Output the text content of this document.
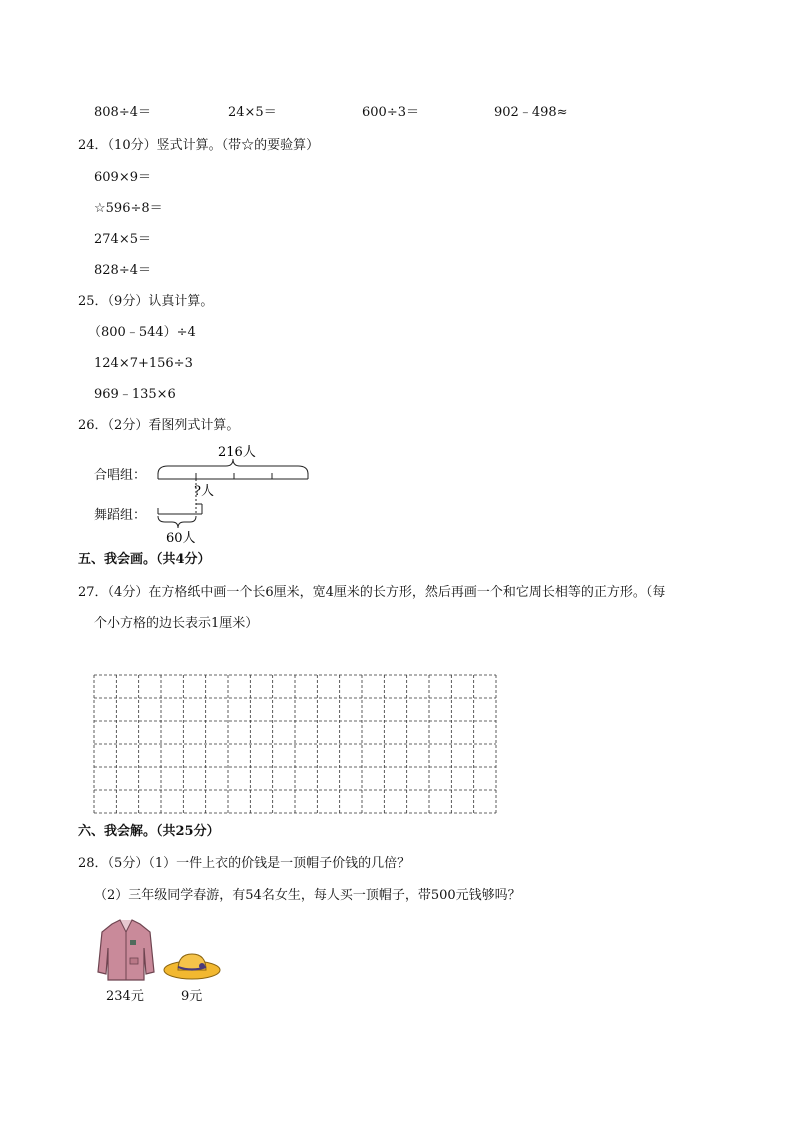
808÷4＝	24×5＝	600÷3＝	902﹣498≈
24．（10分）竖式计算。（带☆的要验算）
609×9＝
☆596÷8＝
274×5＝
828÷4＝
25．（9分）认真计算。
（800﹣544）÷4
124×7+156÷3
969﹣135×6
26．（2分）看图列式计算。
216人
?人
60人
合唱组：
舞蹈组：
五、我会画。（共4分）
27．（4分）在方格纸中画一个长6厘米，宽4厘米的长方形，然后再画一个和它周长相等的正方形。（每
个小方格的边长表示1厘米）
六、我会解。（共25分）
28．（5分）（1）一件上衣的价钱是一顶帽子价钱的几倍？
（2）三年级同学春游，有54名女生，每人买一顶帽子，带500元钱够吗？
234元	9元
